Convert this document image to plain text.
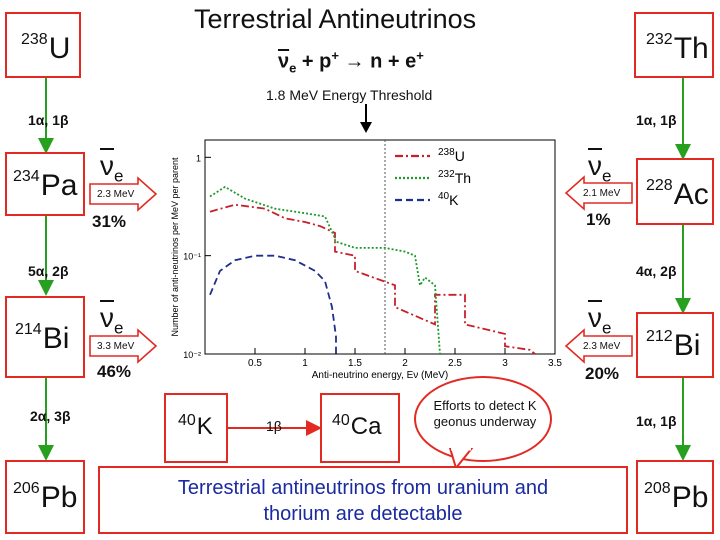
Terrestrial Antineutrinos
$\overline{\nu}_e + p^+ \to n + e^+$
1.8 MeV Energy Threshold
$^{238}$U	$^{232}$Th
$^{234}$Pa	$^{228}$Ac
$^{214}$Bi	$^{212}$Bi
$^{206}$Pb	$^{208}$Pb
$^{40}$K	$^{40}$Ca
1α, 1β	1α, 1β
5α, 2β	4α, 2β
2α, 3β	1α, 1β
1β
$\overline{\nu}_e$
2.3 MeV
31%
$\overline{\nu}_e$
3.3 MeV
46%
$\overline{\nu}_e$
2.1 MeV
1%
$\overline{\nu}_e$
2.3 MeV
20%
0.5	1	1.5	2	2.5	3	3.5
10⁻²
10⁻¹
1
Anti-neutrino energy, Eν (MeV)
Number of anti-neutrinos per MeV per parent
$^{238}$U
$^{232}$Th
$^{40}$K
Efforts to detect K geonus underway
Terrestrial antineutrinos from uranium and thorium are detectable
